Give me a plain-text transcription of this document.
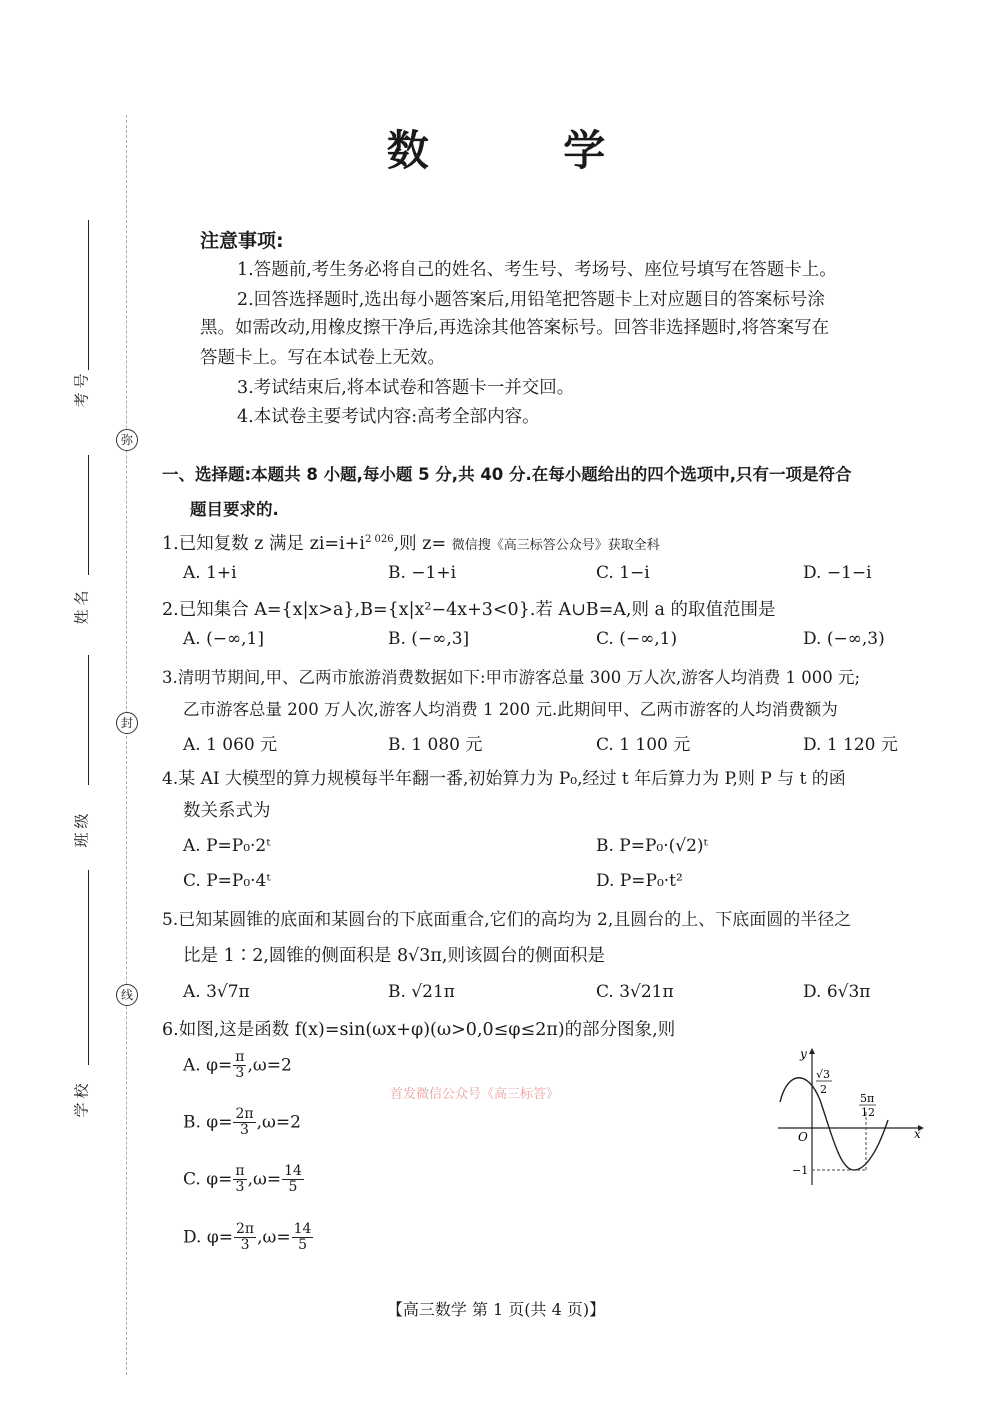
考号
姓名
班级
学校
弥
封
线
数 学
注意事项:
1.答题前,考生务必将自己的姓名、考生号、考场号、座位号填写在答题卡上。
2.回答选择题时,选出每小题答案后,用铅笔把答题卡上对应题目的答案标号涂
黑。如需改动,用橡皮擦干净后,再选涂其他答案标号。回答非选择题时,将答案写在
答题卡上。写在本试卷上无效。
3.考试结束后,将本试卷和答题卡一并交回。
4.本试卷主要考试内容:高考全部内容。
一、选择题:本题共 8 小题,每小题 5 分,共 40 分.在每小题给出的四个选项中,只有一项是符合
题目要求的.
1.已知复数 z 满足 $zi=i+i^{2 026}$,则 z= 微信搜《高三标答公众号》获取全科
A. 1+i	B. −1+i	C. 1−i	D. −1−i
2.已知集合 A={x|x>a},B={x|x²−4x+3<0}.若 A∪B=A,则 a 的取值范围是
A. (−∞,1]	B. (−∞,3]	C. (−∞,1)	D. (−∞,3)
3.清明节期间,甲、乙两市旅游消费数据如下:甲市游客总量 300 万人次,游客人均消费 1 000 元;
乙市游客总量 200 万人次,游客人均消费 1 200 元.此期间甲、乙两市游客的人均消费额为
A. 1 060 元	B. 1 080 元	C. 1 100 元	D. 1 120 元
4.某 AI 大模型的算力规模每半年翻一番,初始算力为 P₀,经过 t 年后算力为 P,则 P 与 t 的函
数关系式为
A. P=P₀·2ᵗ	B. P=P₀·(√2)ᵗ
C. P=P₀·4ᵗ	D. P=P₀·t²
5.已知某圆锥的底面和某圆台的下底面重合,它们的高均为 2,且圆台的上、下底面圆的半径之
比是 1∶2,圆锥的侧面积是 8√3π,则该圆台的侧面积是
A. 3√7π	B. √21π	C. 3√21π	D. 6√3π
6.如图,这是函数 f(x)=sin(ωx+φ)(ω>0,0≤φ≤2π)的部分图象,则
首发微信公众号《高三标答》
A. $\varphi= \frac{\pi}{3} ,\omega=2$
B. $\varphi= \frac{2\pi}{3} ,\omega=2$
C. $\varphi= \frac{\pi}{3} ,\omega= \frac{14}{5}$
D. $\varphi= \frac{2\pi}{3} ,\omega= \frac{14}{5}$
y
x
O
√3
2
5π
12
−1
【高三数学 第 1 页(共 4 页)】
